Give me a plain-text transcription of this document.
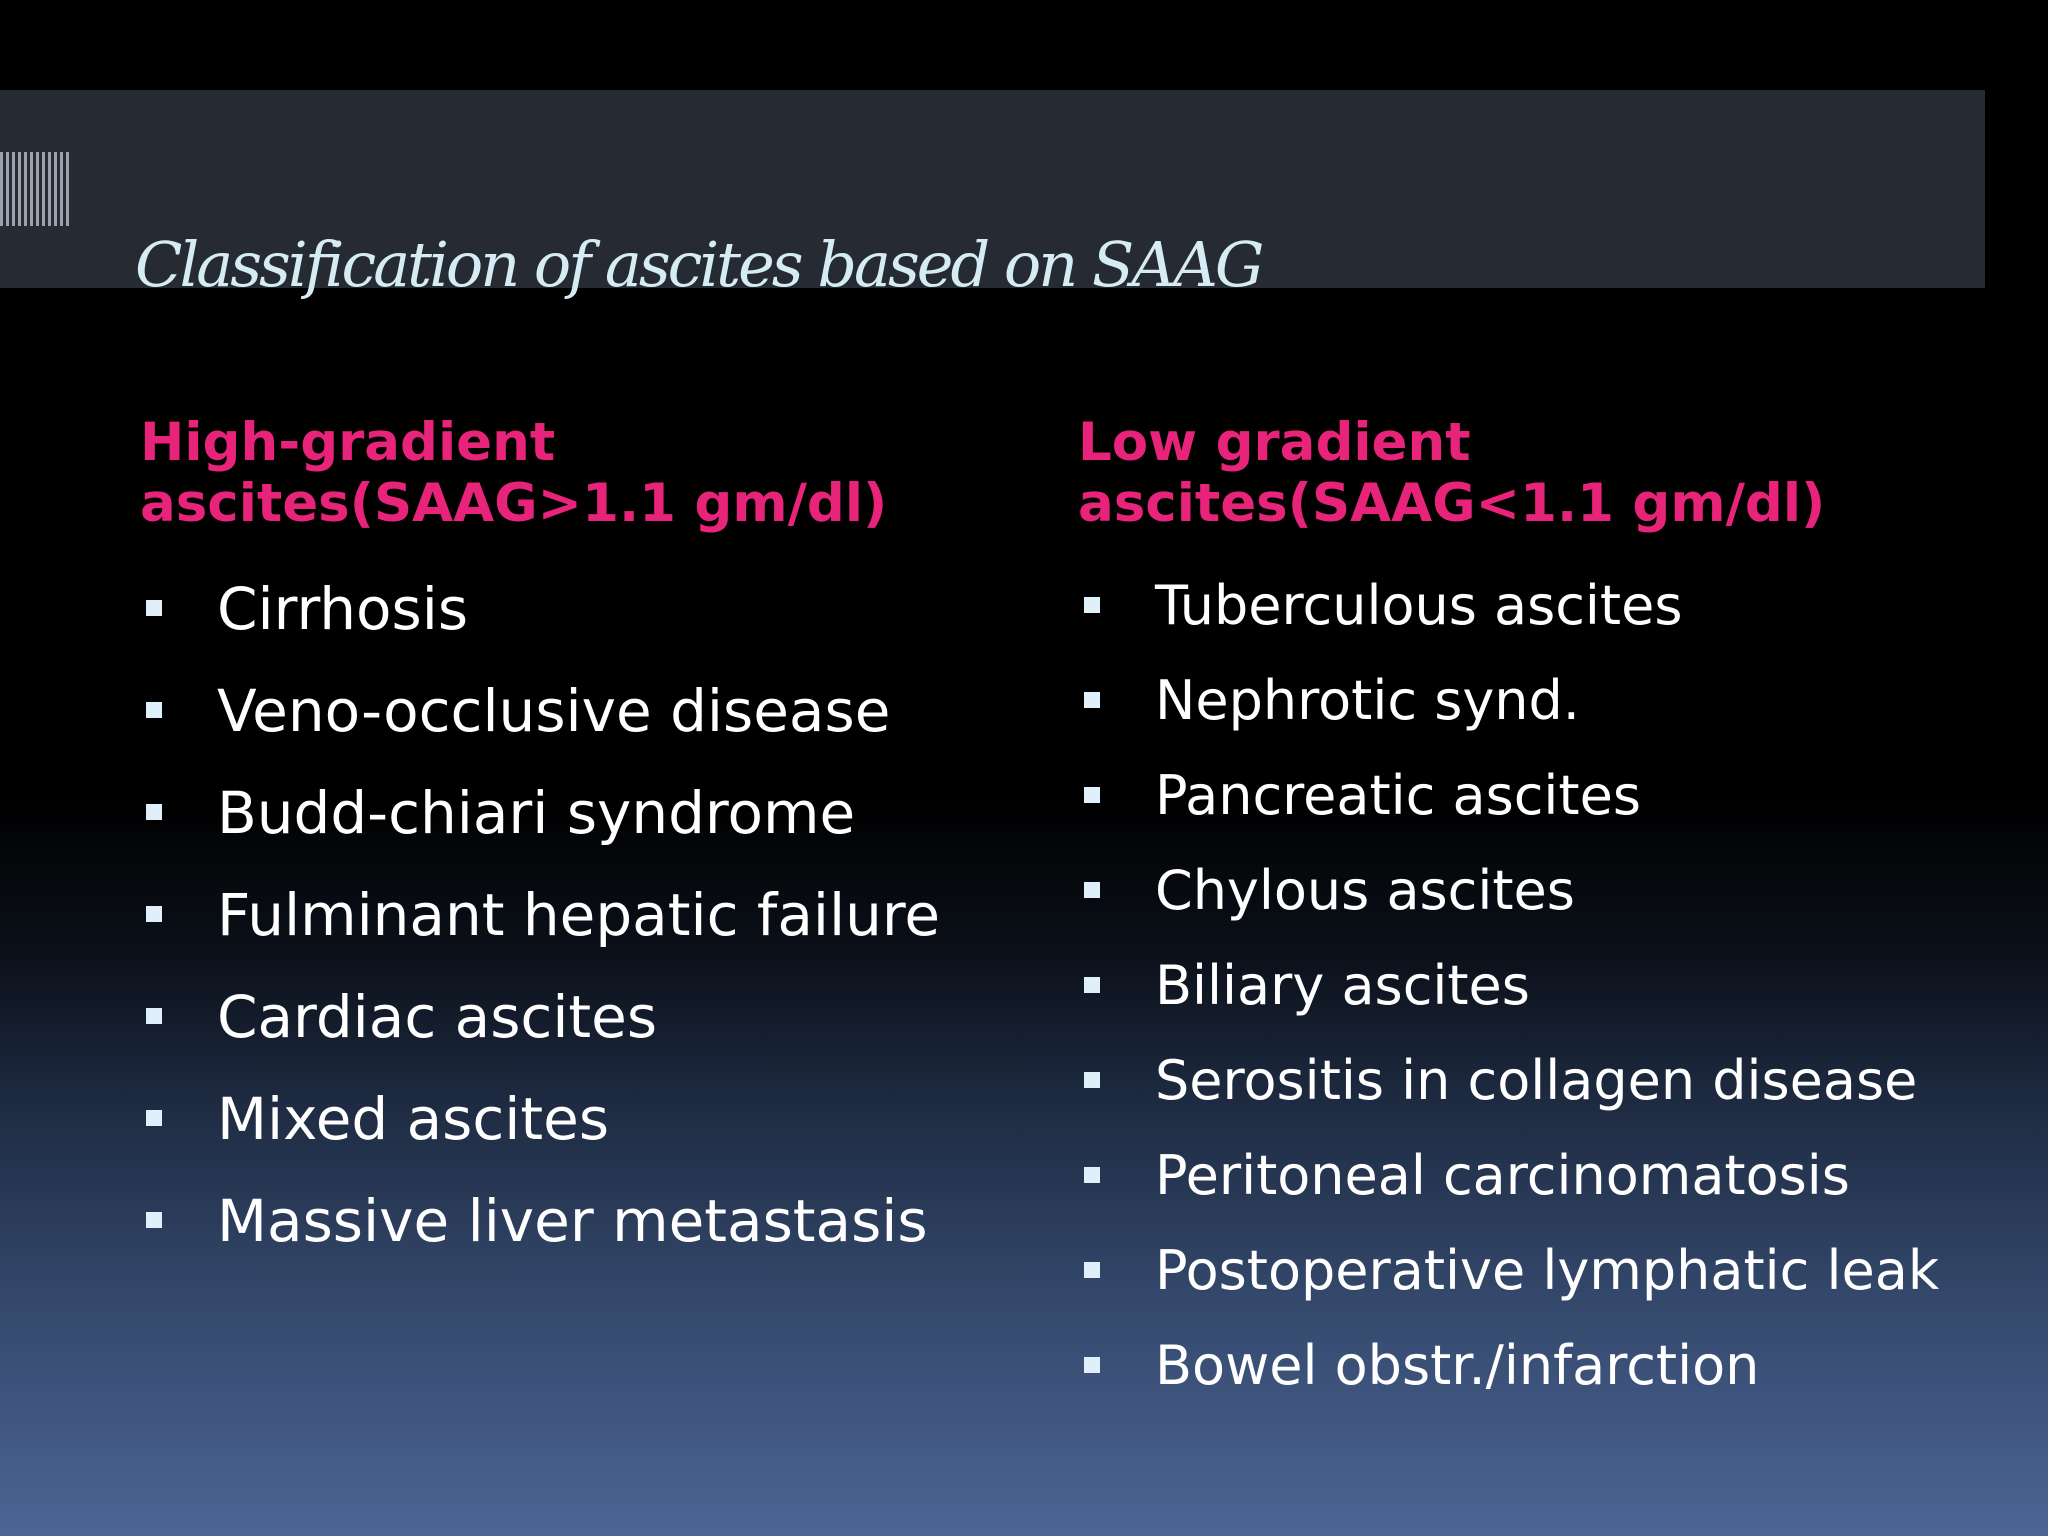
Classification of ascites based on SAAG
High-gradient ascites(SAAG>1.1 gm/dl)
Cirrhosis
Veno-occlusive disease
Budd-chiari syndrome
Fulminant hepatic failure
Cardiac ascites
Mixed ascites
Massive liver metastasis
Low gradient ascites(SAAG<1.1 gm/dl)
Tuberculous ascites
Nephrotic synd.
Pancreatic ascites
Chylous ascites
Biliary ascites
Serositis in collagen disease
Peritoneal carcinomatosis
Postoperative lymphatic leak
Bowel obstr./infarction
